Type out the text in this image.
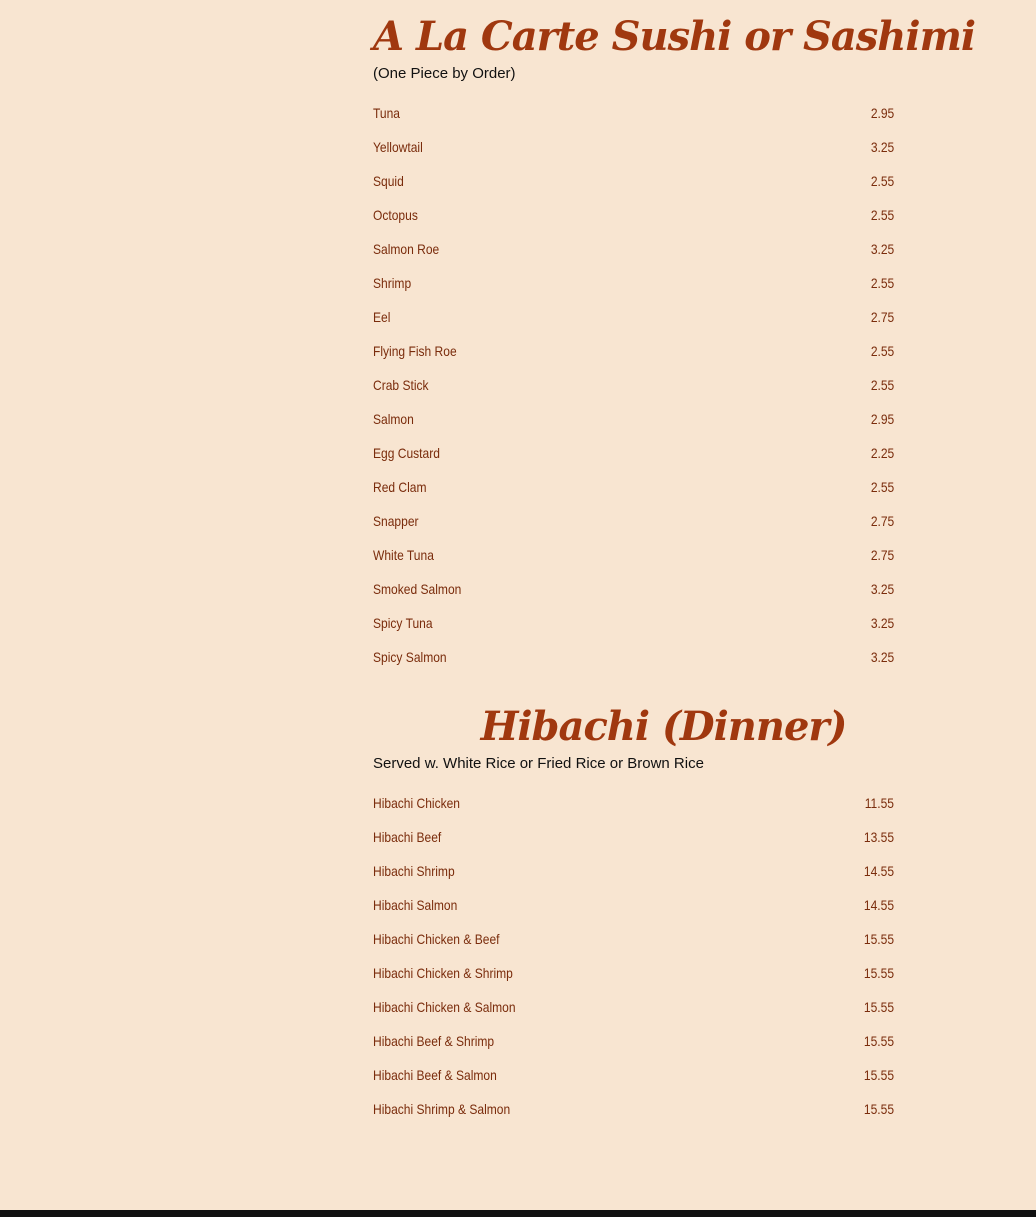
A La Carte Sushi or Sashimi
(One Piece by Order)
Tuna	2.95
Yellowtail	3.25
Squid	2.55
Octopus	2.55
Salmon Roe	3.25
Shrimp	2.55
Eel	2.75
Flying Fish Roe	2.55
Crab Stick	2.55
Salmon	2.95
Egg Custard	2.25
Red Clam	2.55
Snapper	2.75
White Tuna	2.75
Smoked Salmon	3.25
Spicy Tuna	3.25
Spicy Salmon	3.25
Hibachi (Dinner)
Served w. White Rice or Fried Rice or Brown Rice
Hibachi Chicken	11.55
Hibachi Beef	13.55
Hibachi Shrimp	14.55
Hibachi Salmon	14.55
Hibachi Chicken & Beef	15.55
Hibachi Chicken & Shrimp	15.55
Hibachi Chicken & Salmon	15.55
Hibachi Beef & Shrimp	15.55
Hibachi Beef & Salmon	15.55
Hibachi Shrimp & Salmon	15.55
